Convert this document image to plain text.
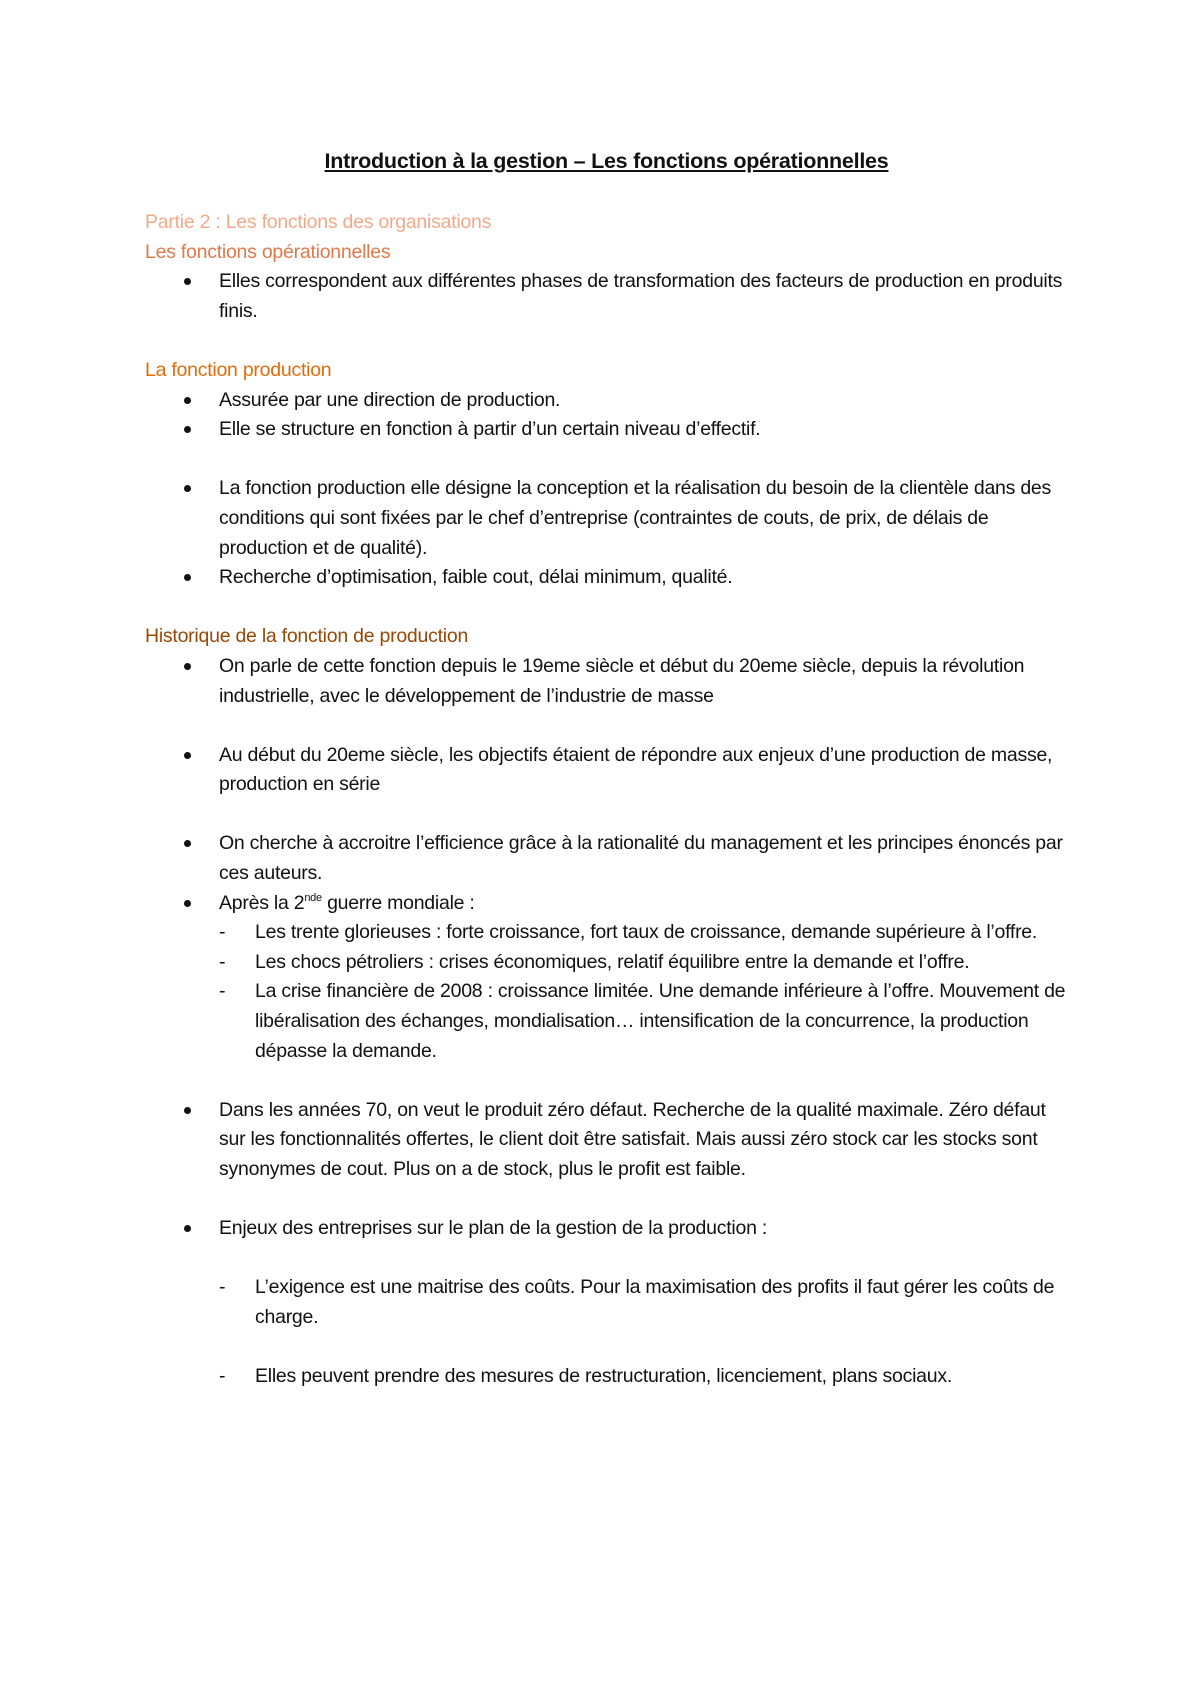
Introduction à la gestion – Les fonctions opérationnelles
Partie 2 : Les fonctions des organisations
Les fonctions opérationnelles
Elles correspondent aux différentes phases de transformation des facteurs de production en produits finis.
La fonction production
Assurée par une direction de production.
Elle se structure en fonction à partir d’un certain niveau d’effectif.
La fonction production elle désigne la conception et la réalisation du besoin de la clientèle dans des conditions qui sont fixées par le chef d’entreprise (contraintes de couts, de prix, de délais de production et de qualité).
Recherche d’optimisation, faible cout, délai minimum, qualité.
Historique de la fonction de production
On parle de cette fonction depuis le 19eme siècle et début du 20eme siècle, depuis la révolution industrielle, avec le développement de l’industrie de masse
Au début du 20eme siècle, les objectifs étaient de répondre aux enjeux d’une production de masse, production en série
On cherche à accroitre l’efficience grâce à la rationalité du management et les principes énoncés par ces auteurs.
Après la 2nde guerre mondiale :
- Les trente glorieuses : forte croissance, fort taux de croissance, demande supérieure à l’offre.
- Les chocs pétroliers : crises économiques, relatif équilibre entre la demande et l’offre.
- La crise financière de 2008 : croissance limitée. Une demande inférieure à l’offre. Mouvement de libéralisation des échanges, mondialisation… intensification de la concurrence, la production dépasse la demande.
Dans les années 70, on veut le produit zéro défaut. Recherche de la qualité maximale. Zéro défaut sur les fonctionnalités offertes, le client doit être satisfait. Mais aussi zéro stock car les stocks sont synonymes de cout. Plus on a de stock, plus le profit est faible.
Enjeux des entreprises sur le plan de la gestion de la production :
- L’exigence est une maitrise des coûts. Pour la maximisation des profits il faut gérer les coûts de charge.
- Elles peuvent prendre des mesures de restructuration, licenciement, plans sociaux.
